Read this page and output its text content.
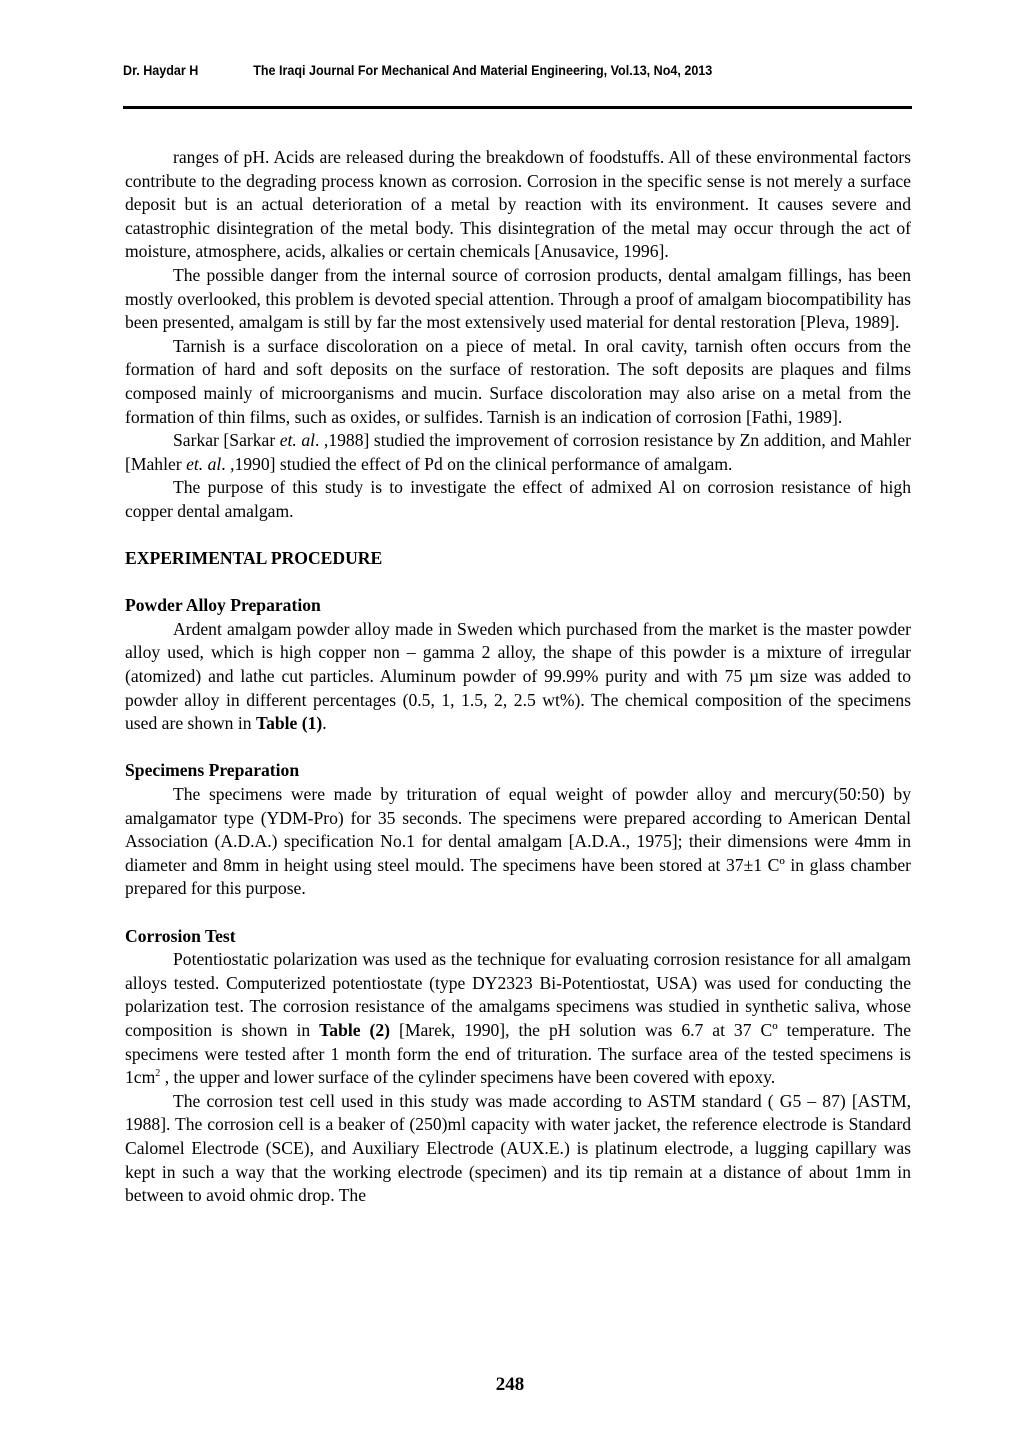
Dr. Haydar H	The Iraqi Journal For Mechanical And Material Engineering, Vol.13, No4, 2013

ranges of pH. Acids are released during the breakdown of foodstuffs. All of these environmental factors contribute to the degrading process known as corrosion. Corrosion in the specific sense is not merely a surface deposit but is an actual deterioration of a metal by reaction with its environment. It causes severe and catastrophic disintegration of the metal body. This disintegration of the metal may occur through the act of moisture, atmosphere, acids, alkalies or certain chemicals [Anusavice, 1996].

The possible danger from the internal source of corrosion products, dental amalgam fillings, has been mostly overlooked, this problem is devoted special attention. Through a proof of amalgam biocompatibility has been presented, amalgam is still by far the most extensively used material for dental restoration [Pleva, 1989].

Tarnish is a surface discoloration on a piece of metal. In oral cavity, tarnish often occurs from the formation of hard and soft deposits on the surface of restoration. The soft deposits are plaques and films composed mainly of microorganisms and mucin. Surface discoloration may also arise on a metal from the formation of thin films, such as oxides, or sulfides. Tarnish is an indication of corrosion [Fathi, 1989].

Sarkar [Sarkar et. al. ,1988] studied the improvement of corrosion resistance by Zn addition, and Mahler [Mahler et. al. ,1990] studied the effect of Pd on the clinical performance of amalgam.

The purpose of this study is to investigate the effect of admixed Al on corrosion resistance of high copper dental amalgam.

EXPERIMENTAL PROCEDURE

Powder Alloy Preparation

Ardent amalgam powder alloy made in Sweden which purchased from the market is the master powder alloy used, which is high copper non – gamma 2 alloy, the shape of this powder is a mixture of irregular (atomized) and lathe cut particles. Aluminum powder of 99.99% purity and with 75 µm size was added to powder alloy in different percentages (0.5, 1, 1.5, 2, 2.5 wt%). The chemical composition of the specimens used are shown in Table (1).

Specimens Preparation

The specimens were made by trituration of equal weight of powder alloy and mercury(50:50) by amalgamator type (YDM-Pro) for 35 seconds. The specimens were prepared according to American Dental Association (A.D.A.) specification No.1 for dental amalgam [A.D.A., 1975]; their dimensions were 4mm in diameter and 8mm in height using steel mould. The specimens have been stored at 37±1 Cº in glass chamber prepared for this purpose.

Corrosion Test

Potentiostatic polarization was used as the technique for evaluating corrosion resistance for all amalgam alloys tested. Computerized potentiostate (type DY2323 Bi-Potentiostat, USA) was used for conducting the polarization test. The corrosion resistance of the amalgams specimens was studied in synthetic saliva, whose composition is shown in Table (2) [Marek, 1990], the pH solution was 6.7 at 37 Cº temperature. The specimens were tested after 1 month form the end of trituration. The surface area of the tested specimens is $1cm^2$ , the upper and lower surface of the cylinder specimens have been covered with epoxy.

The corrosion test cell used in this study was made according to ASTM standard ( G5 – 87) [ASTM, 1988]. The corrosion cell is a beaker of (250)ml capacity with water jacket, the reference electrode is Standard Calomel Electrode (SCE), and Auxiliary Electrode (AUX.E.) is platinum electrode, a lugging capillary was kept in such a way that the working electrode (specimen) and its tip remain at a distance of about 1mm in between to avoid ohmic drop. The

248
